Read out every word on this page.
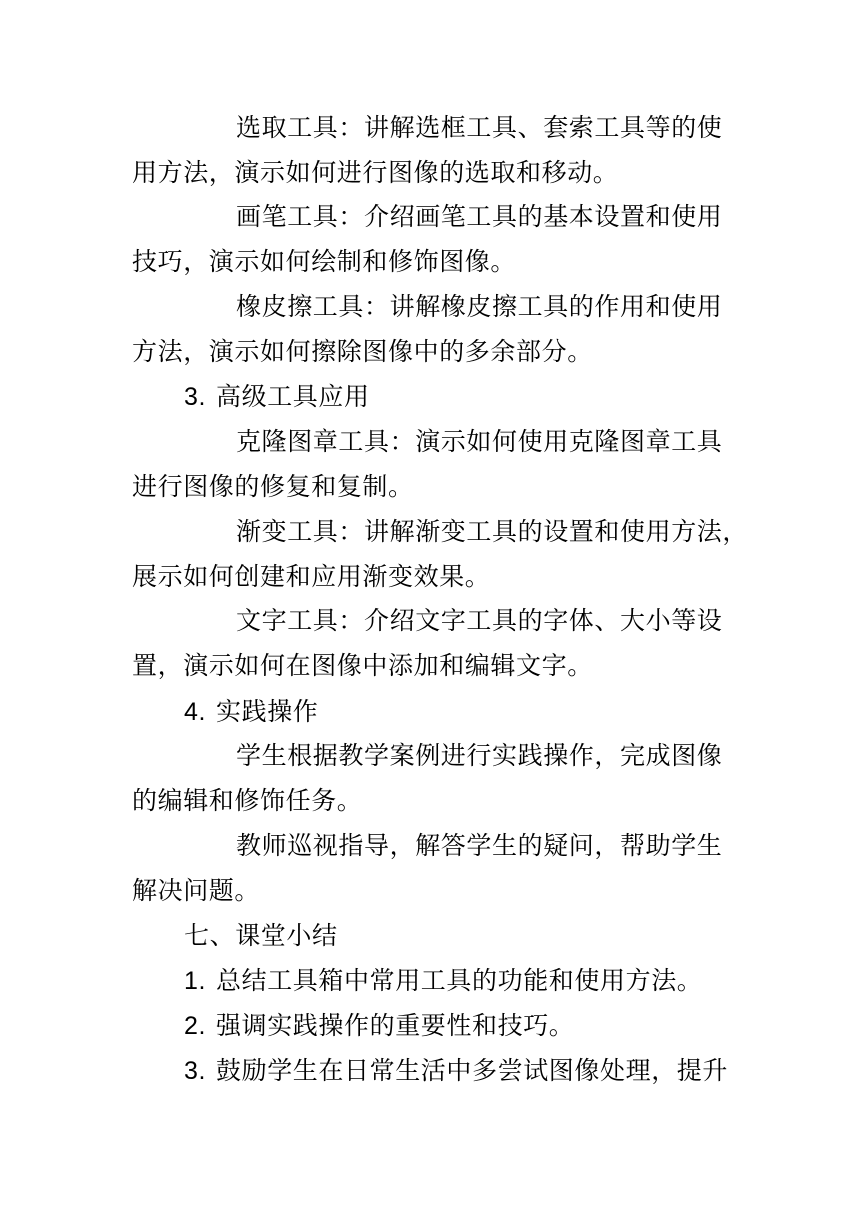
选取工具：讲解选框工具、套索工具等的使
用方法，演示如何进行图像的选取和移动。
画笔工具：介绍画笔工具的基本设置和使用
技巧，演示如何绘制和修饰图像。
橡皮擦工具：讲解橡皮擦工具的作用和使用
方法，演示如何擦除图像中的多余部分。
3. 高级工具应用
克隆图章工具：演示如何使用克隆图章工具
进行图像的修复和复制。
渐变工具：讲解渐变工具的设置和使用方法，
展示如何创建和应用渐变效果。
文字工具：介绍文字工具的字体、大小等设
置，演示如何在图像中添加和编辑文字。
4. 实践操作
学生根据教学案例进行实践操作，完成图像
的编辑和修饰任务。
教师巡视指导，解答学生的疑问，帮助学生
解决问题。
七、课堂小结
1. 总结工具箱中常用工具的功能和使用方法。
2. 强调实践操作的重要性和技巧。
3. 鼓励学生在日常生活中多尝试图像处理，提升
